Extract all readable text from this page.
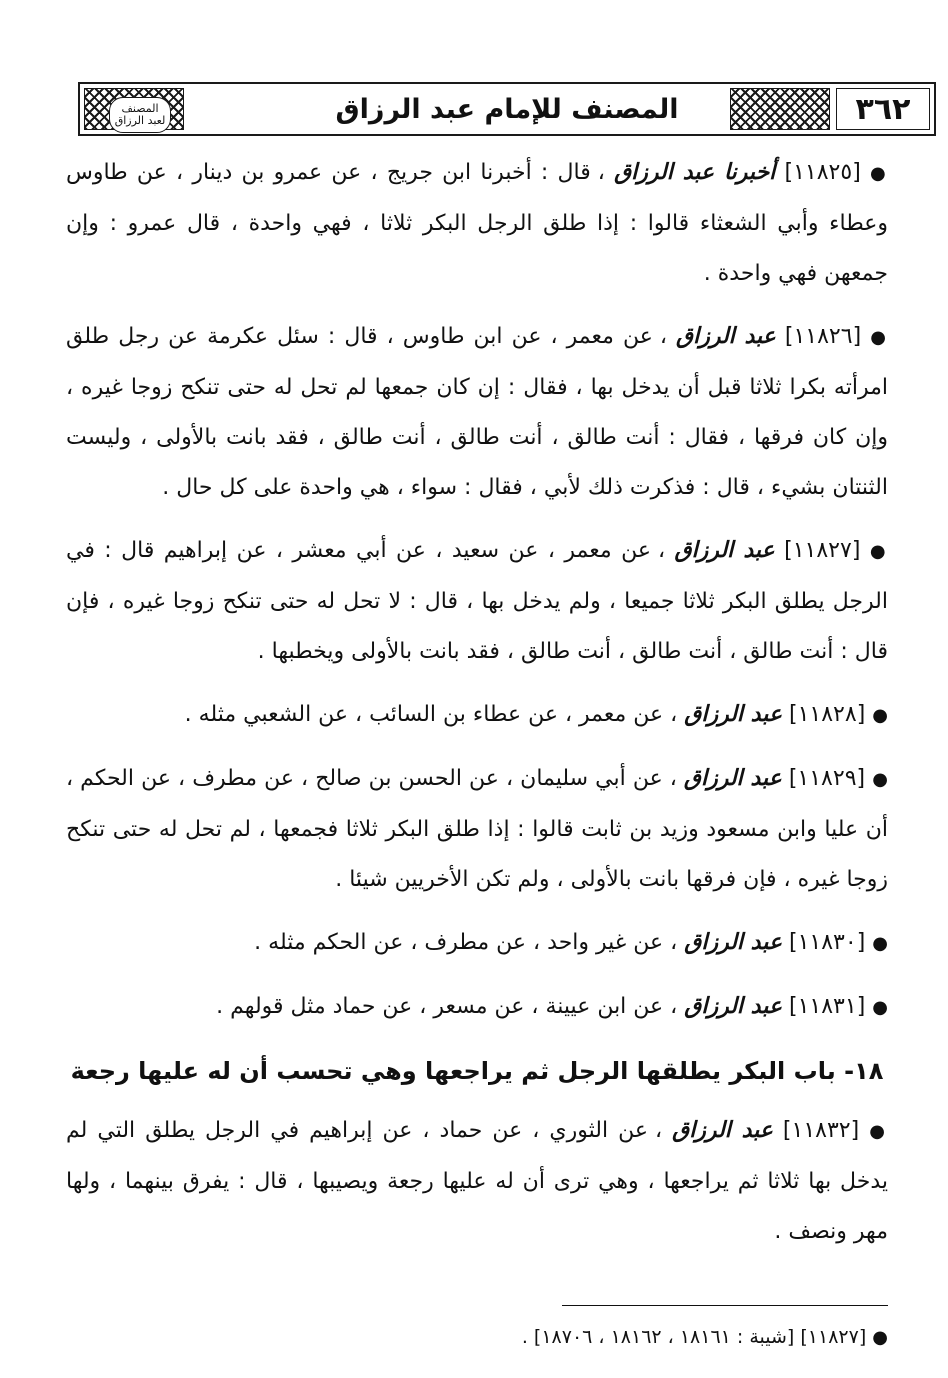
المصنف
لعبد الرزاق	المصنف للإمام عبد الرزاق	٣٦٢

● [١١٨٢٥] أخبرنا عبد الرزاق ، قال : أخبرنا ابن جريج ، عن عمرو بن دينار ، عن طاوس وعطاء وأبي الشعثاء قالوا : إذا طلق الرجل البكر ثلاثا ، فهي واحدة ، قال عمرو : وإن جمعهن فهي واحدة .

● [١١٨٢٦] عبد الرزاق ، عن معمر ، عن ابن طاوس ، قال : سئل عكرمة عن رجل طلق امرأته بكرا ثلاثا قبل أن يدخل بها ، فقال : إن كان جمعها لم تحل له حتى تنكح زوجا غيره ، وإن كان فرقها ، فقال : أنت طالق ، أنت طالق ، أنت طالق ، فقد بانت بالأولى ، وليست الثنتان بشيء ، قال : فذكرت ذلك لأبي ، فقال : سواء ، هي واحدة على كل حال .

● [١١٨٢٧] عبد الرزاق ، عن معمر ، عن سعيد ، عن أبي معشر ، عن إبراهيم قال : في الرجل يطلق البكر ثلاثا جميعا ، ولم يدخل بها ، قال : لا تحل له حتى تنكح زوجا غيره ، فإن قال : أنت طالق ، أنت طالق ، أنت طالق ، فقد بانت بالأولى ويخطبها .

● [١١٨٢٨] عبد الرزاق ، عن معمر ، عن عطاء بن السائب ، عن الشعبي مثله .

● [١١٨٢٩] عبد الرزاق ، عن أبي سليمان ، عن الحسن بن صالح ، عن مطرف ، عن الحكم ، أن عليا وابن مسعود وزيد بن ثابت قالوا : إذا طلق البكر ثلاثا فجمعها ، لم تحل له حتى تنكح زوجا غيره ، فإن فرقها بانت بالأولى ، ولم تكن الأخريين شيئا .

● [١١٨٣٠] عبد الرزاق ، عن غير واحد ، عن مطرف ، عن الحكم مثله .

● [١١٨٣١] عبد الرزاق ، عن ابن عيينة ، عن مسعر ، عن حماد مثل قولهم .

١٨- باب البكر يطلقها الرجل ثم يراجعها وهي تحسب أن له عليها رجعة

● [١١٨٣٢] عبد الرزاق ، عن الثوري ، عن حماد ، عن إبراهيم في الرجل يطلق التي لم يدخل بها ثلاثا ثم يراجعها ، وهي ترى أن له عليها رجعة ويصيبها ، قال : يفرق بينهما ، ولها مهر ونصف .

● [١١٨٢٧] [شيبة : ١٨١٦١ ، ١٨١٦٢ ، ١٨٧٠٦] .
